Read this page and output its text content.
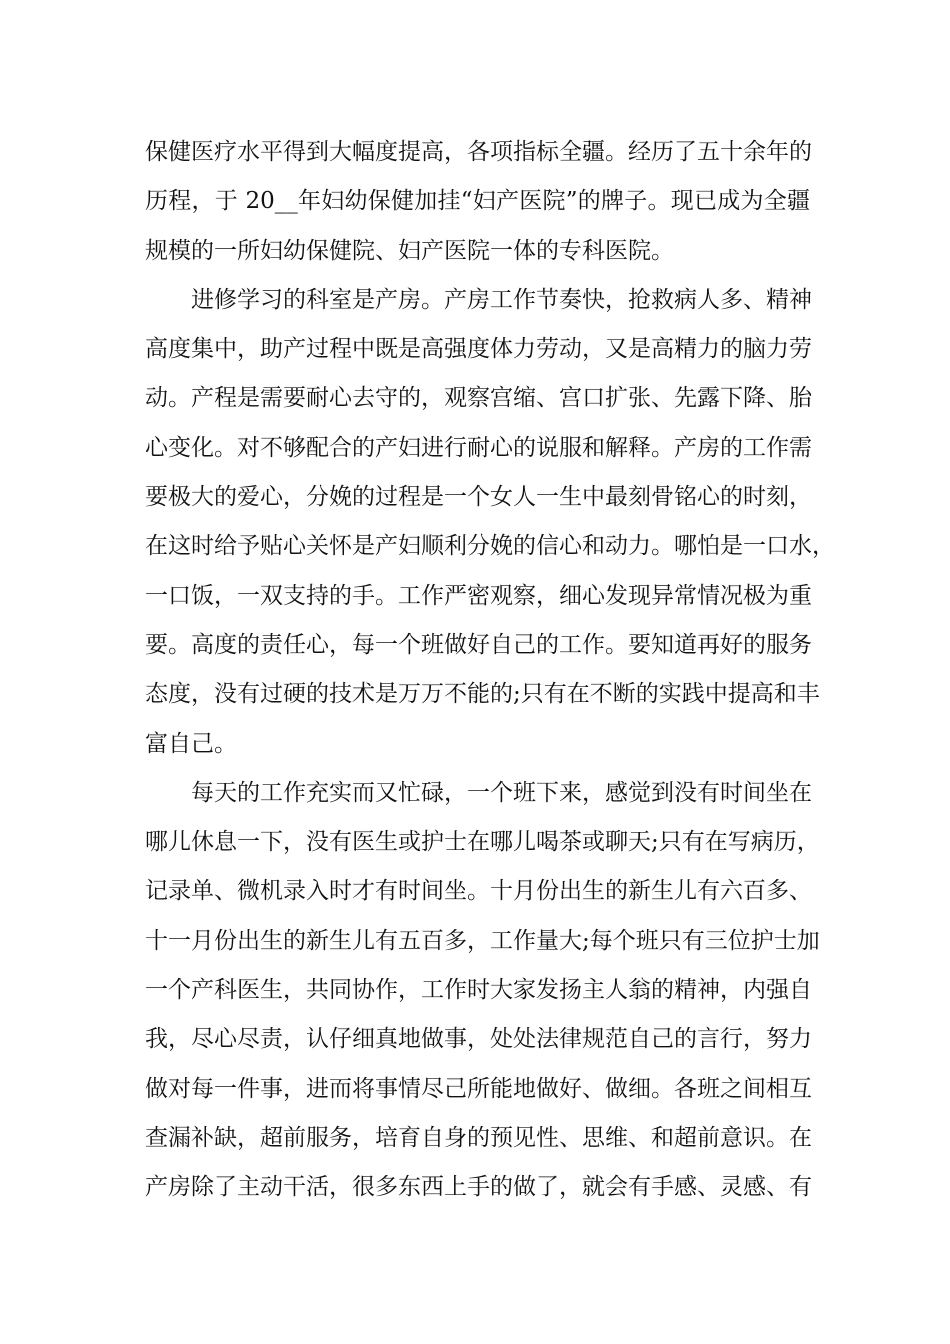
保健医疗水平得到大幅度提高，各项指标全疆。经历了五十余年的
历程，于 20__年妇幼保健加挂“妇产医院”的牌子。现已成为全疆
规模的一所妇幼保健院、妇产医院一体的专科医院。
　　进修学习的科室是产房。产房工作节奏快，抢救病人多、精神
高度集中，助产过程中既是高强度体力劳动，又是高精力的脑力劳
动。产程是需要耐心去守的，观察宫缩、宫口扩张、先露下降、胎
心变化。对不够配合的产妇进行耐心的说服和解释。产房的工作需
要极大的爱心，分娩的过程是一个女人一生中最刻骨铭心的时刻，
在这时给予贴心关怀是产妇顺利分娩的信心和动力。哪怕是一口水，
一口饭，一双支持的手。工作严密观察，细心发现异常情况极为重
要。高度的责任心，每一个班做好自己的工作。要知道再好的服务
态度，没有过硬的技术是万万不能的;只有在不断的实践中提高和丰
富自己。
　　每天的工作充实而又忙碌，一个班下来，感觉到没有时间坐在
哪儿休息一下，没有医生或护士在哪儿喝茶或聊天;只有在写病历，
记录单、微机录入时才有时间坐。十月份出生的新生儿有六百多、
十一月份出生的新生儿有五百多，工作量大;每个班只有三位护士加
一个产科医生，共同协作，工作时大家发扬主人翁的精神，内强自
我，尽心尽责，认仔细真地做事，处处法律规范自己的言行，努力
做对每一件事，进而将事情尽己所能地做好、做细。各班之间相互
查漏补缺，超前服务，培育自身的预见性、思维、和超前意识。在
产房除了主动干活，很多东西上手的做了，就会有手感、灵感、有
